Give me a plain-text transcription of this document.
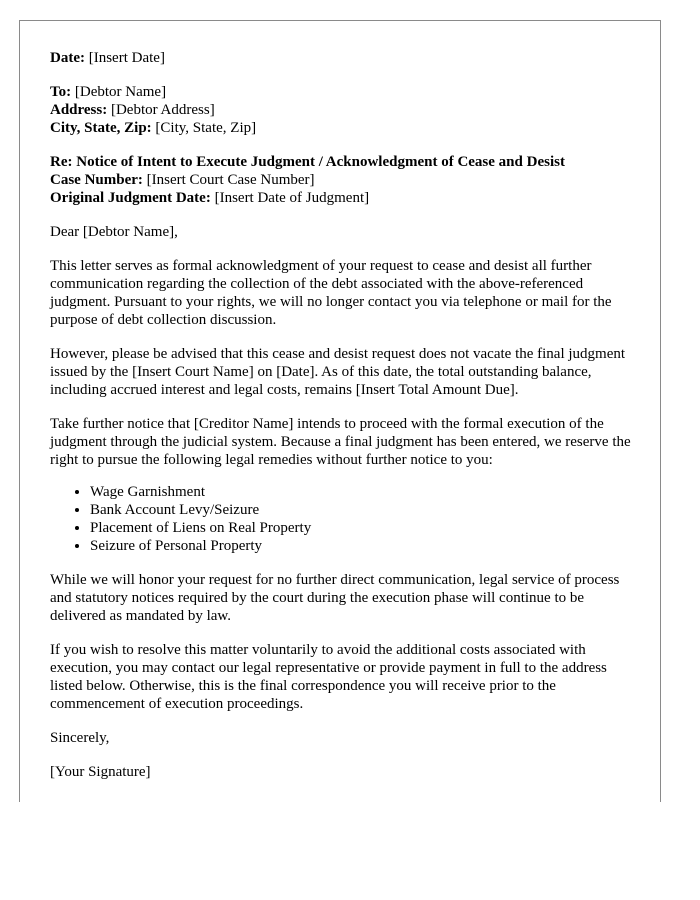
Date: [Insert Date]
To: [Debtor Name]
Address: [Debtor Address]
City, State, Zip: [City, State, Zip]
Re: Notice of Intent to Execute Judgment / Acknowledgment of Cease and Desist
Case Number: [Insert Court Case Number]
Original Judgment Date: [Insert Date of Judgment]

Dear [Debtor Name],

This letter serves as formal acknowledgment of your request to cease and desist all further communication regarding the collection of the debt associated with the above-referenced judgment. Pursuant to your rights, we will no longer contact you via telephone or mail for the purpose of debt collection discussion.

However, please be advised that this cease and desist request does not vacate the final judgment issued by the [Insert Court Name] on [Date]. As of this date, the total outstanding balance, including accrued interest and legal costs, remains [Insert Total Amount Due].

Take further notice that [Creditor Name] intends to proceed with the formal execution of the judgment through the judicial system. Because a final judgment has been entered, we reserve the right to pursue the following legal remedies without further notice to you:

• Wage Garnishment
• Bank Account Levy/Seizure
• Placement of Liens on Real Property
• Seizure of Personal Property

While we will honor your request for no further direct communication, legal service of process and statutory notices required by the court during the execution phase will continue to be delivered as mandated by law.

If you wish to resolve this matter voluntarily to avoid the additional costs associated with execution, you may contact our legal representative or provide payment in full to the address listed below. Otherwise, this is the final correspondence you will receive prior to the commencement of execution proceedings.

Sincerely,

[Your Signature]
